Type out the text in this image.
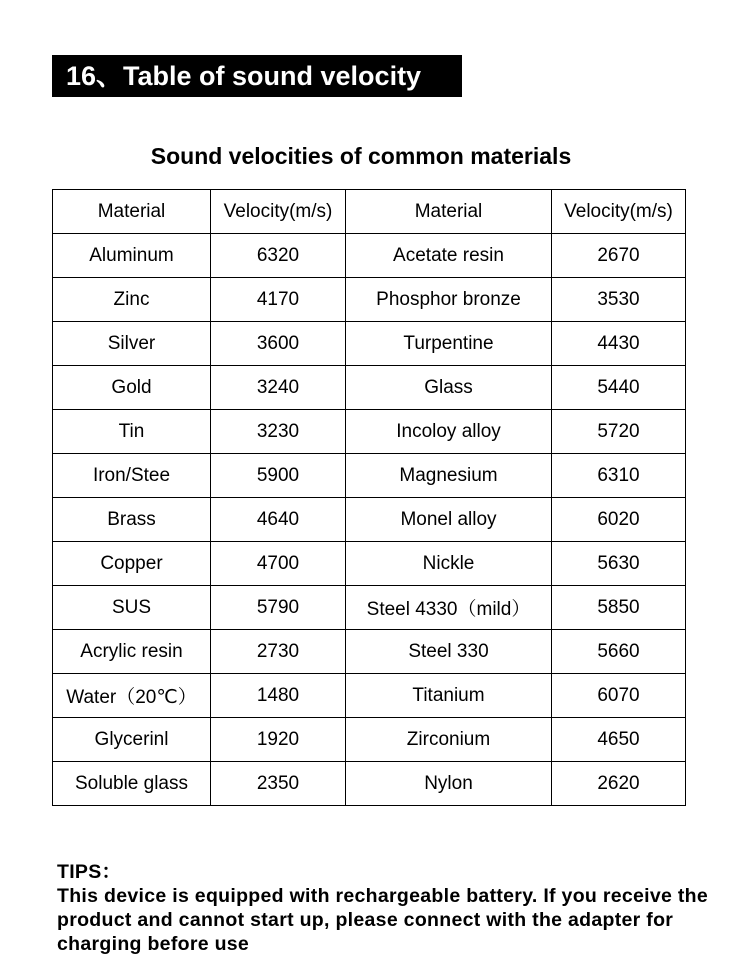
16、Table of sound velocity
Sound velocities of common materials
Material	Velocity(m/s)	Material	Velocity(m/s)
Aluminum	6320	Acetate resin	2670
Zinc	4170	Phosphor bronze	3530
Silver	3600	Turpentine	4430
Gold	3240	Glass	5440
Tin	3230	Incoloy alloy	5720
Iron/Stee	5900	Magnesium	6310
Brass	4640	Monel alloy	6020
Copper	4700	Nickle	5630
SUS	5790	Steel 4330（mild）	5850
Acrylic resin	2730	Steel 330	5660
Water（20℃）	1480	Titanium	6070
Glycerinl	1920	Zirconium	4650
Soluble glass	2350	Nylon	2620
TIPS：
This device is equipped with rechargeable battery. If you receive the product and cannot start up, please connect with the adapter for charging before use
